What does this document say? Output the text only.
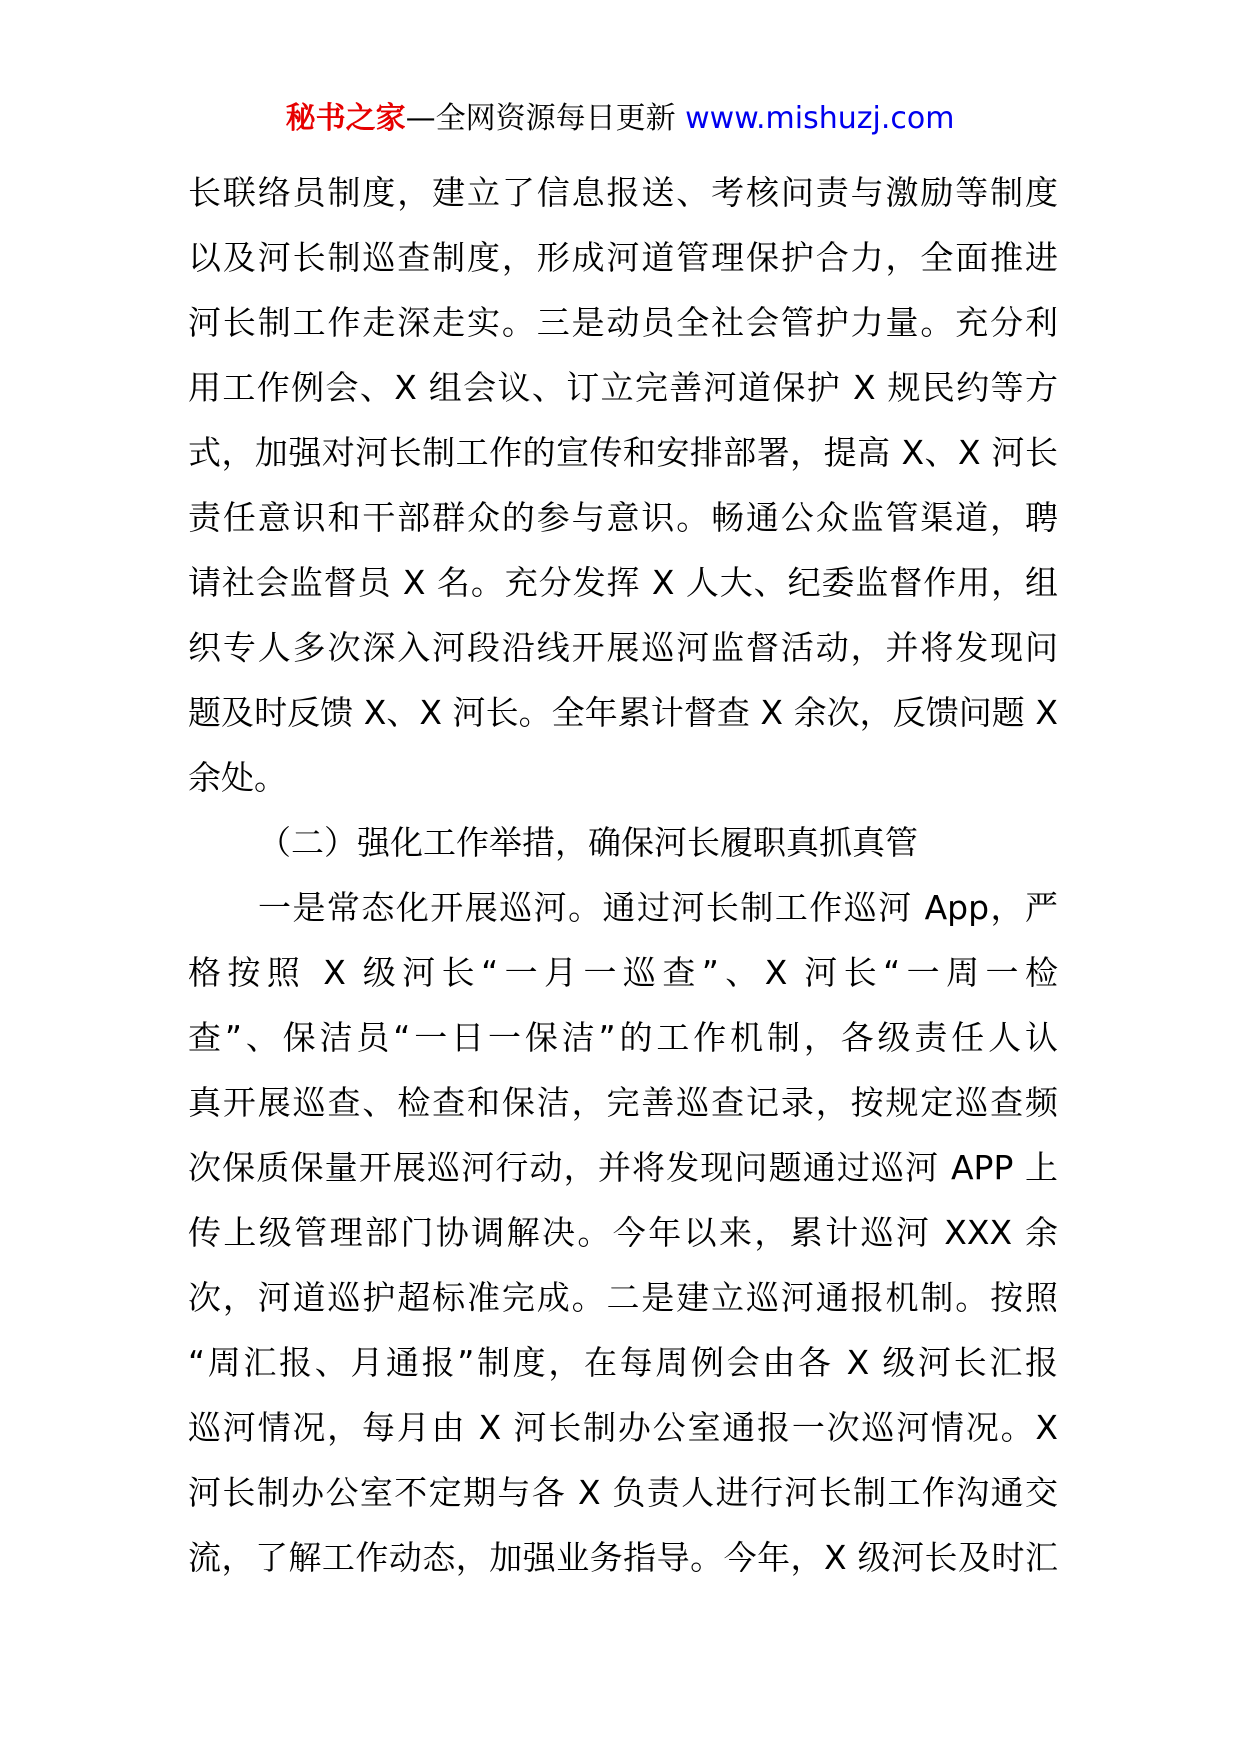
秘书之家—全网资源每日更新 www.mishuzj.com
长联络员制度，建立了信息报送、考核问责与激励等制度
以及河长制巡查制度，形成河道管理保护合力，全面推进
河长制工作走深走实。三是动员全社会管护力量。充分利
用工作例会、X 组会议、订立完善河道保护 X 规民约等方
式，加强对河长制工作的宣传和安排部署，提高 X、X 河长
责任意识和干部群众的参与意识。畅通公众监管渠道，聘
请社会监督员 X 名。充分发挥 X 人大、纪委监督作用，组
织专人多次深入河段沿线开展巡河监督活动，并将发现问
题及时反馈 X、X 河长。全年累计督查 X 余次，反馈问题 X
余处。
（二）强化工作举措，确保河长履职真抓真管
一是常态化开展巡河。通过河长制工作巡河 App，严
格按照 X 级河长“一月一巡查”、X 河长“一周一检
查”、保洁员“一日一保洁”的工作机制，各级责任人认
真开展巡查、检查和保洁，完善巡查记录，按规定巡查频
次保质保量开展巡河行动，并将发现问题通过巡河 APP 上
传上级管理部门协调解决。今年以来，累计巡河 XXX 余
次，河道巡护超标准完成。二是建立巡河通报机制。按照
“周汇报、月通报”制度，在每周例会由各 X 级河长汇报
巡河情况，每月由 X 河长制办公室通报一次巡河情况。X
河长制办公室不定期与各 X 负责人进行河长制工作沟通交
流，了解工作动态，加强业务指导。今年，X 级河长及时汇
